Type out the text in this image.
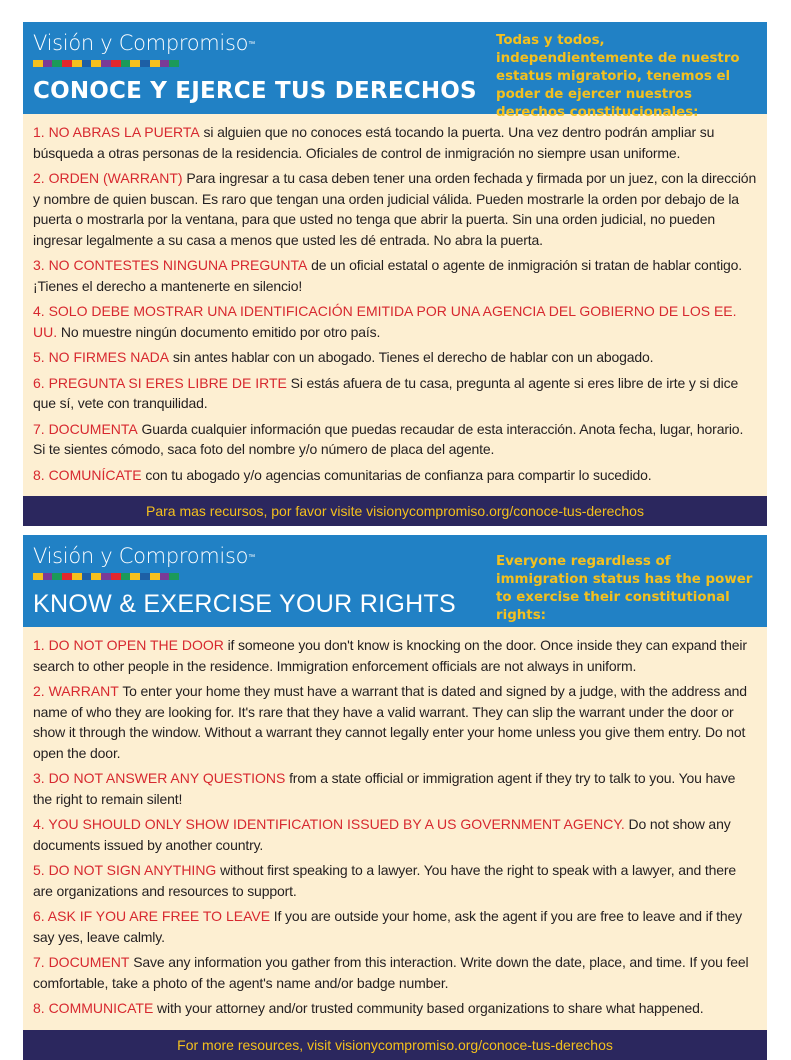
Visión y Compromiso™
CONOCE Y EJERCE TUS DERECHOS

Todas y todos, independientemente de nuestro estatus migratorio, tenemos el poder de ejercer nuestros derechos constitucionales:

1. NO ABRAS LA PUERTA si alguien que no conoces está tocando la puerta. Una vez dentro podrán ampliar su búsqueda a otras personas de la residencia. Oficiales de control de inmigración no siempre usan uniforme.

2. ORDEN (WARRANT) Para ingresar a tu casa deben tener una orden fechada y firmada por un juez, con la dirección y nombre de quien buscan. Es raro que tengan una orden judicial válida. Pueden mostrarle la orden por debajo de la puerta o mostrarla por la ventana, para que usted no tenga que abrir la puerta. Sin una orden judicial, no pueden ingresar legalmente a su casa a menos que usted les dé entrada. No abra la puerta.

3. NO CONTESTES NINGUNA PREGUNTA de un oficial estatal o agente de inmigración si tratan de hablar contigo. ¡Tienes el derecho a mantenerte en silencio!

4. SOLO DEBE MOSTRAR UNA IDENTIFICACIÓN EMITIDA POR UNA AGENCIA DEL GOBIERNO DE LOS EE. UU. No muestre ningún documento emitido por otro país.

5. NO FIRMES NADA sin antes hablar con un abogado. Tienes el derecho de hablar con un abogado.

6. PREGUNTA SI ERES LIBRE DE IRTE Si estás afuera de tu casa, pregunta al agente si eres libre de irte y si dice que sí, vete con tranquilidad.

7. DOCUMENTA Guarda cualquier información que puedas recaudar de esta interacción. Anota fecha, lugar, horario. Si te sientes cómodo, saca foto del nombre y/o número de placa del agente.

8. COMUNÍCATE con tu abogado y/o agencias comunitarias de confianza para compartir lo sucedido.

Para mas recursos, por favor visite visionycompromiso.org/conoce-tus-derechos
Visión y Compromiso™
KNOW & EXERCISE YOUR RIGHTS

Everyone regardless of immigration status has the power to exercise their constitutional rights:

1. DO NOT OPEN THE DOOR if someone you don't know is knocking on the door. Once inside they can expand their search to other people in the residence. Immigration enforcement officials are not always in uniform.

2. WARRANT To enter your home they must have a warrant that is dated and signed by a judge, with the address and name of who they are looking for. It's rare that they have a valid warrant. They can slip the warrant under the door or show it through the window. Without a warrant they cannot legally enter your home unless you give them entry. Do not open the door.

3. DO NOT ANSWER ANY QUESTIONS from a state official or immigration agent if they try to talk to you. You have the right to remain silent!

4. YOU SHOULD ONLY SHOW IDENTIFICATION ISSUED BY A US GOVERNMENT AGENCY. Do not show any documents issued by another country.

5. DO NOT SIGN ANYTHING without first speaking to a lawyer. You have the right to speak with a lawyer, and there are organizations and resources to support.

6. ASK IF YOU ARE FREE TO LEAVE If you are outside your home, ask the agent if you are free to leave and if they say yes, leave calmly.

7. DOCUMENT Save any information you gather from this interaction. Write down the date, place, and time. If you feel comfortable, take a photo of the agent's name and/or badge number.

8. COMMUNICATE with your attorney and/or trusted community based organizations to share what happened.

For more resources, visit visionycompromiso.org/conoce-tus-derechos
